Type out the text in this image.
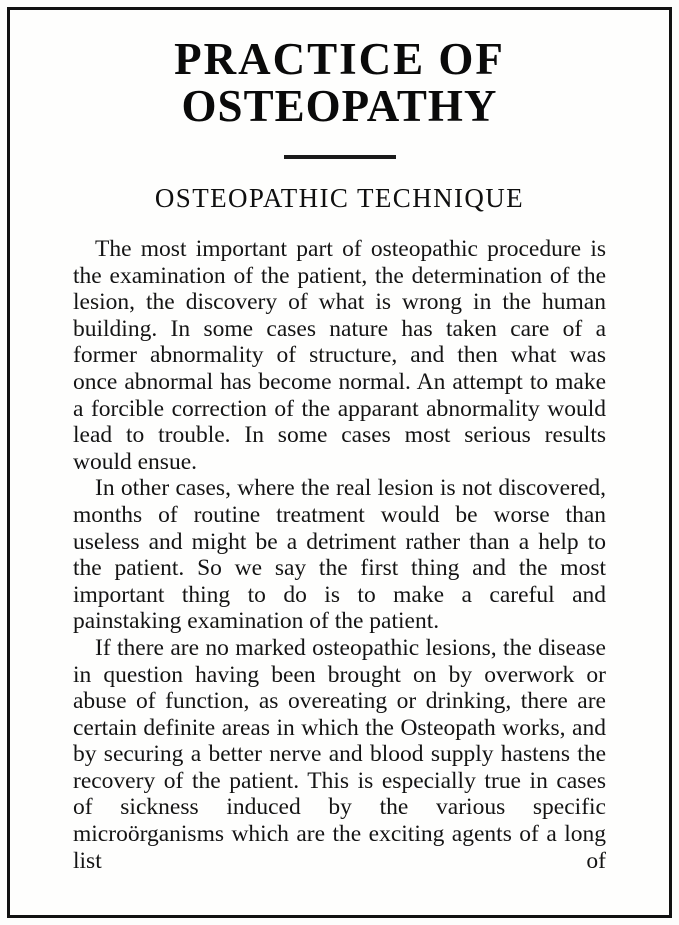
PRACTICE OF
OSTEOPATHY
OSTEOPATHIC TECHNIQUE

The most important part of osteopathic procedure is the examination of the patient, the determination of the lesion, the discovery of what is wrong in the human building. In some cases nature has taken care of a former abnormality of structure, and then what was once abnormal has become normal. An attempt to make a forcible correction of the apparant abnormality would lead to trouble. In some cases most serious results would ensue.

In other cases, where the real lesion is not discovered, months of routine treatment would be worse than useless and might be a detriment rather than a help to the patient. So we say the first thing and the most important thing to do is to make a careful and painstaking examination of the patient.

If there are no marked osteopathic lesions, the disease in question having been brought on by overwork or abuse of function, as overeating or drinking, there are certain definite areas in which the Osteopath works, and by securing a better nerve and blood supply hastens the recovery of the patient. This is especially true in cases of sickness induced by the various specific microörganisms which are the exciting agents of a long list of
